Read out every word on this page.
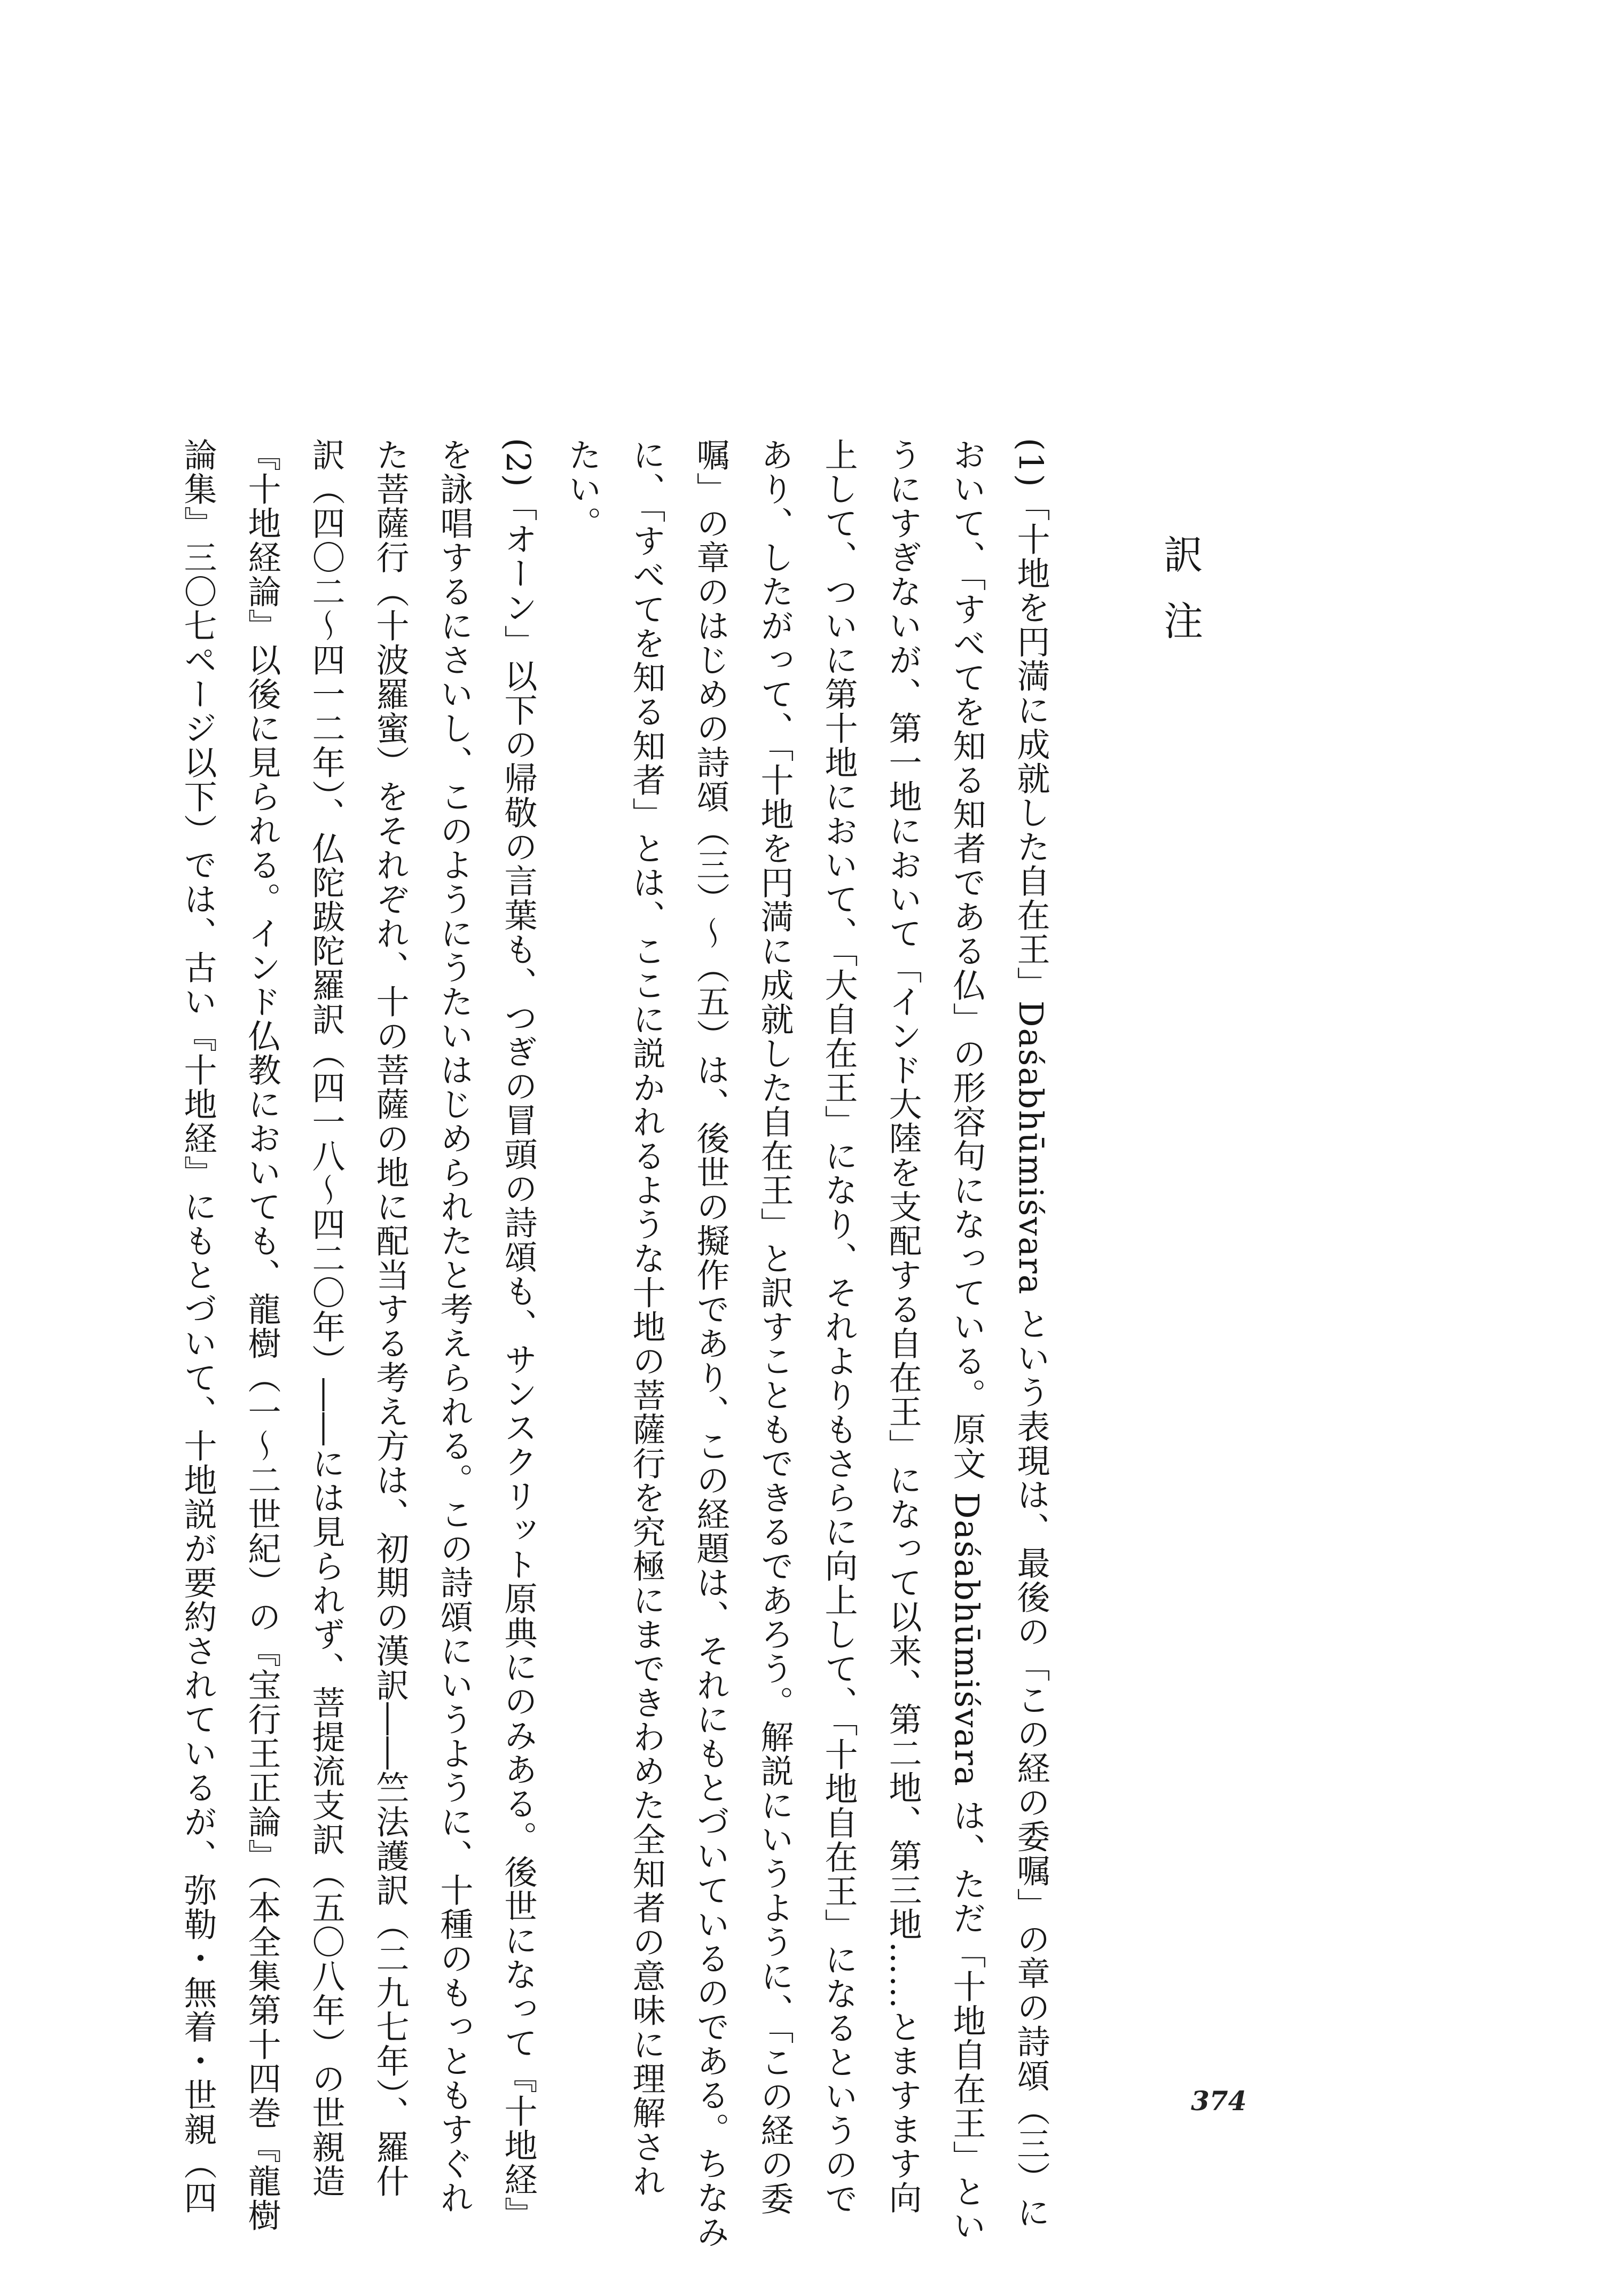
訳注
(1)「十地を円満に成就した自在王」Daśabhūmiśvara という表現は、最後の「この経の委嘱」の章の詩頌（三）に
おいて、「すべてを知る知者である仏」の形容句になっている。原文 Daśabhūmiśvara は、ただ「十地自在王」とい
うにすぎないが、第一地において「インド大陸を支配する自在王」になって以来、第二地、第三地……とますます向
上して、ついに第十地において、「大自在王」になり、それよりもさらに向上して、「十地自在王」になるというので
あり、したがって、「十地を円満に成就した自在王」と訳すこともできるであろう。解説にいうように、「この経の委
嘱」の章のはじめの詩頌（三）～（五）は、後世の擬作であり、この経題は、それにもとづいているのである。ちなみ
に、「すべてを知る知者」とは、ここに説かれるような十地の菩薩行を究極にまできわめた全知者の意味に理解され
たい。
(2)「オーン」以下の帰敬の言葉も、つぎの冒頭の詩頌も、サンスクリット原典にのみある。後世になって『十地経』
を詠唱するにさいし、このようにうたいはじめられたと考えられる。この詩頌にいうように、十種のもっともすぐれ
た菩薩行（十波羅蜜）をそれぞれ、十の菩薩の地に配当する考え方は、初期の漢訳――竺法護訳（二九七年）、羅什
訳（四〇二～四一二年）、仏陀跋陀羅訳（四一八～四二〇年）――には見られず、菩提流支訳（五〇八年）の世親造
『十地経論』以後に見られる。インド仏教においても、龍樹（一～二世紀）の『宝行王正論』（本全集第十四巻『龍樹
論集』三〇七ページ以下）では、古い『十地経』にもとづいて、十地説が要約されているが、弥勒・無着・世親（四	374
